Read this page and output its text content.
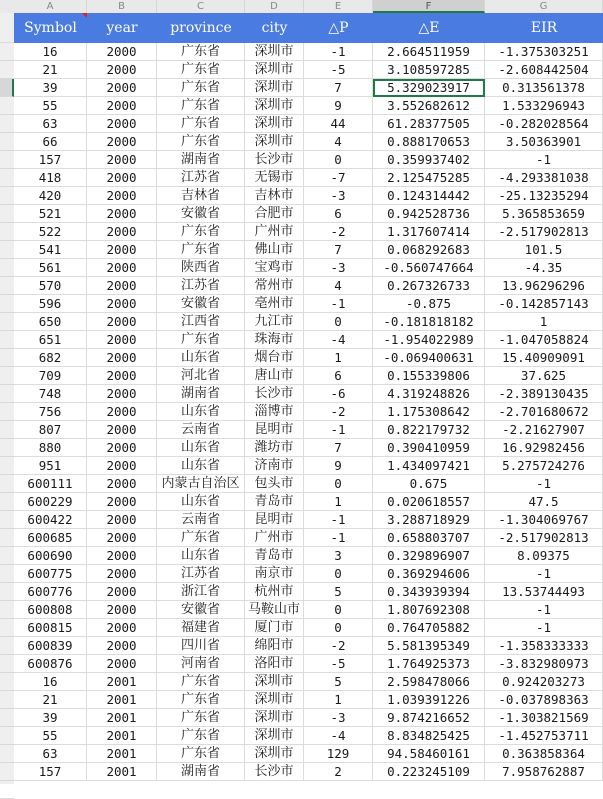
A	B	C	D	E	F	G
Symbol	year	province	city	△P	△E	EIR
16	2000	广东省	深圳市	-1	2.664511959	-1.375303251
21	2000	广东省	深圳市	-5	3.108597285	-2.608442504
39	2000	广东省	深圳市	7	5.329023917	0.313561378
55	2000	广东省	深圳市	9	3.552682612	1.533296943
63	2000	广东省	深圳市	44	61.28377505	-0.282028564
66	2000	广东省	深圳市	4	0.888170653	3.50363901
157	2000	湖南省	长沙市	0	0.359937402	-1
418	2000	江苏省	无锡市	-7	2.125475285	-4.293381038
420	2000	吉林省	吉林市	-3	0.124314442	-25.13235294
521	2000	安徽省	合肥市	6	0.942528736	5.365853659
522	2000	广东省	广州市	-2	1.317607414	-2.517902813
541	2000	广东省	佛山市	7	0.068292683	101.5
561	2000	陕西省	宝鸡市	-3	-0.560747664	-4.35
570	2000	江苏省	常州市	4	0.267326733	13.96296296
596	2000	安徽省	亳州市	-1	-0.875	-0.142857143
650	2000	江西省	九江市	0	-0.181818182	1
651	2000	广东省	珠海市	-4	-1.954022989	-1.047058824
682	2000	山东省	烟台市	1	-0.069400631	15.40909091
709	2000	河北省	唐山市	6	0.155339806	37.625
748	2000	湖南省	长沙市	-6	4.319248826	-2.389130435
756	2000	山东省	淄博市	-2	1.175308642	-2.701680672
807	2000	云南省	昆明市	-1	0.822179732	-2.21627907
880	2000	山东省	潍坊市	7	0.390410959	16.92982456
951	2000	山东省	济南市	9	1.434097421	5.275724276
600111	2000	内蒙古自治区	包头市	0	0.675	-1
600229	2000	山东省	青岛市	1	0.020618557	47.5
600422	2000	云南省	昆明市	-1	3.288718929	-1.304069767
600685	2000	广东省	广州市	-1	0.658803707	-2.517902813
600690	2000	山东省	青岛市	3	0.329896907	8.09375
600775	2000	江苏省	南京市	0	0.369294606	-1
600776	2000	浙江省	杭州市	5	0.343939394	13.53744493
600808	2000	安徽省	马鞍山市	0	1.807692308	-1
600815	2000	福建省	厦门市	0	0.764705882	-1
600839	2000	四川省	绵阳市	-2	5.581395349	-1.358333333
600876	2000	河南省	洛阳市	-5	1.764925373	-3.832980973
16	2001	广东省	深圳市	5	2.598478066	0.924203273
21	2001	广东省	深圳市	1	1.039391226	-0.037898363
39	2001	广东省	深圳市	-3	9.874216652	-1.303821569
55	2001	广东省	深圳市	-4	8.834825425	-1.452753711
63	2001	广东省	深圳市	129	94.58460161	0.363858364
157	2001	湖南省	长沙市	2	0.223245109	7.958762887
